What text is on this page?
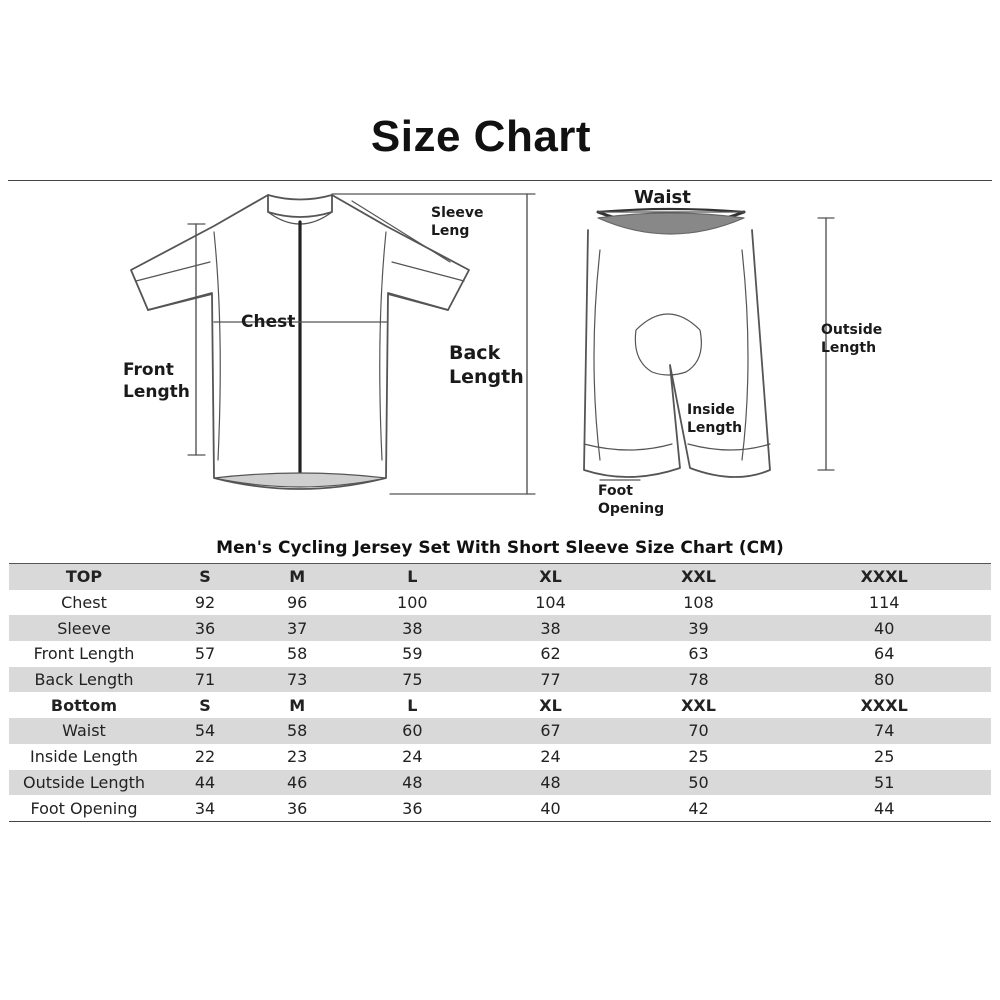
Size Chart
Sleeve
Leng
Chest
Front
Length
Back
Length
Waist
Outside
Length
Inside
Length
Foot
Opening
Men's Cycling Jersey Set With Short Sleeve Size Chart (CM)
TOP	S	M	L	XL	XXL	XXXL
Chest	92	96	100	104	108	114
Sleeve	36	37	38	38	39	40
Front Length	57	58	59	62	63	64
Back Length	71	73	75	77	78	80
Bottom	S	M	L	XL	XXL	XXXL
Waist	54	58	60	67	70	74
Inside Length	22	23	24	24	25	25
Outside Length	44	46	48	48	50	51
Foot Opening	34	36	36	40	42	44
